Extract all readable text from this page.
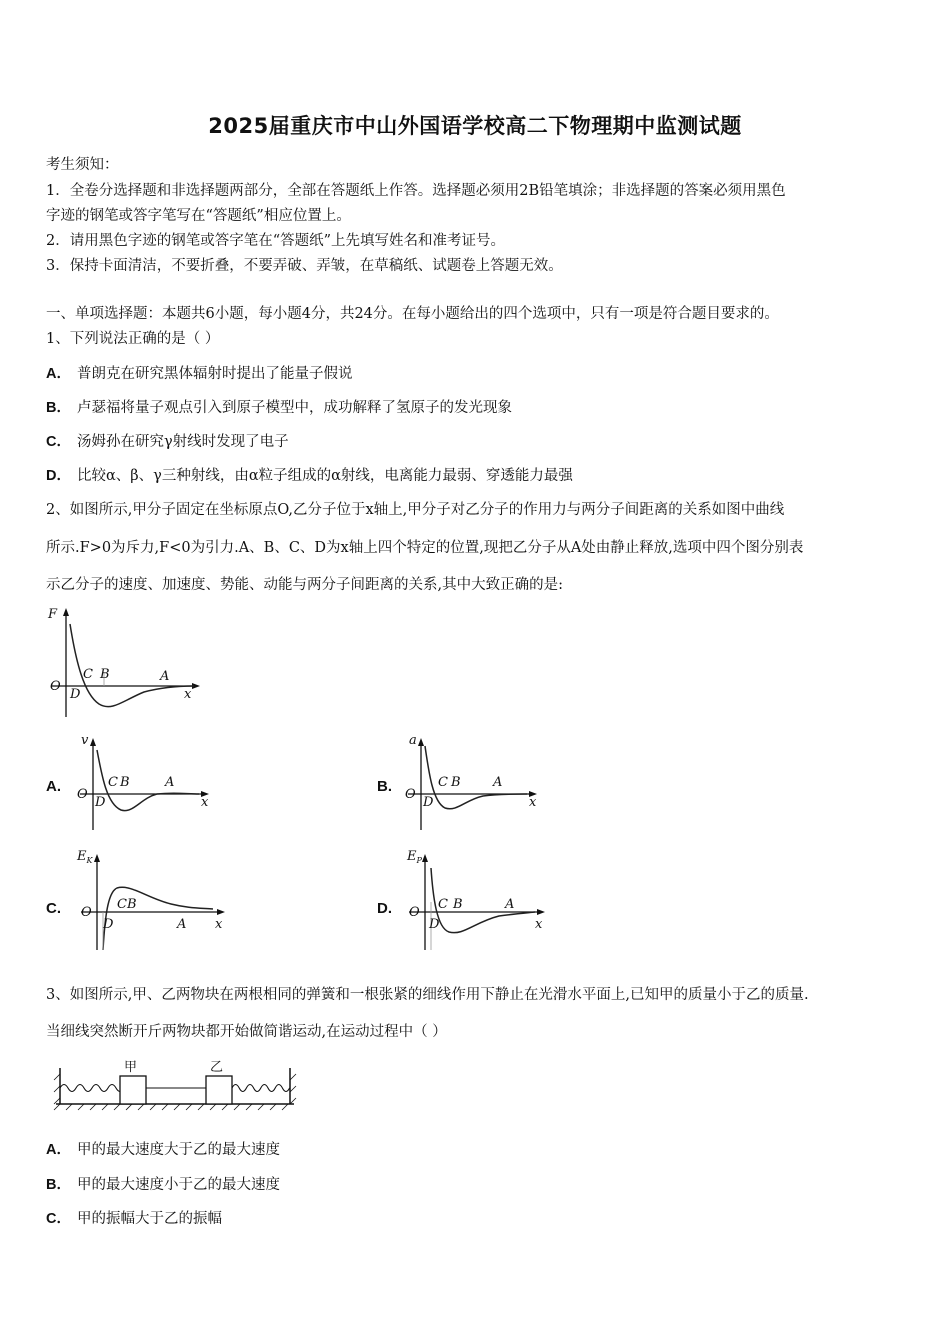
2025届重庆市中山外国语学校高二下物理期中监测试题
考生须知：
1．全卷分选择题和非选择题两部分，全部在答题纸上作答。选择题必须用2B铅笔填涂；非选择题的答案必须用黑色
字迹的钢笔或答字笔写在“答题纸”相应位置上。
2．请用黑色字迹的钢笔或答字笔在“答题纸”上先填写姓名和准考证号。
3．保持卡面清洁，不要折叠，不要弄破、弄皱，在草稿纸、试题卷上答题无效。
一、单项选择题：本题共6小题，每小题4分，共24分。在每小题给出的四个选项中，只有一项是符合题目要求的。
1、下列说法正确的是（ ）
A． 普朗克在研究黑体辐射时提出了能量子假说
B． 卢瑟福将量子观点引入到原子模型中，成功解释了氢原子的发光现象
C． 汤姆孙在研究γ射线时发现了电子
D． 比较α、β、γ三种射线，由α粒子组成的α射线，电离能力最弱、穿透能力最强
2、如图所示,甲分子固定在坐标原点O,乙分子位于x轴上,甲分子对乙分子的作用力与两分子间距离的关系如图中曲线
所示.F>0为斥力,F<0为引力.A、B、C、D为x轴上四个特定的位置,现把乙分子从A处由静止释放,选项中四个图分别表
示乙分子的速度、加速度、势能、动能与两分子间距离的关系,其中大致正确的是:
F
O
D
C B	A
x
A.
v
O
D
C B	A
x
B.
a
O
D
C B A
x
C.
$E_K$
O
D
CB
A x
D.
$E_P$
O
D
C B	A
x
3、如图所示,甲、乙两物块在两根相同的弹簧和一根张紧的细线作用下静止在光滑水平面上,已知甲的质量小于乙的质量.
当细线突然断开斤两物块都开始做简谐运动,在运动过程中（ ）
甲	乙
A． 甲的最大速度大于乙的最大速度
B． 甲的最大速度小于乙的最大速度
C． 甲的振幅大于乙的振幅
